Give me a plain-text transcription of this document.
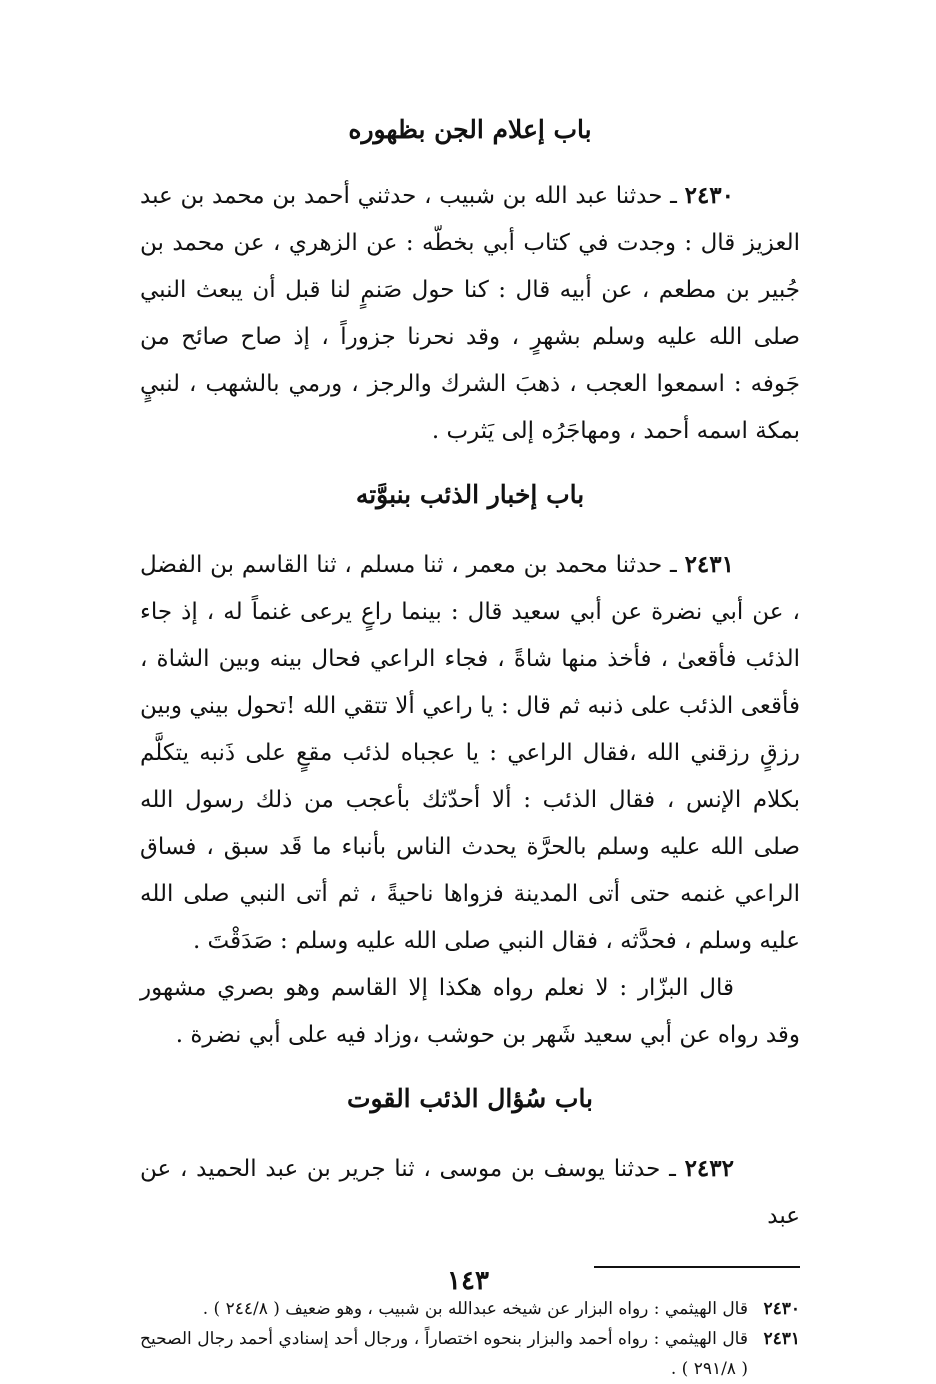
باب إعلام الجن بظهوره

٢٤٣٠ ـ حدثنا عبد الله بن شبيب ، حدثني أحمد بن محمد بن عبد العزيز قال : وجدت في كتاب أبي بخطّه : عن الزهري ، عن محمد بن جُبير بن مطعم ، عن أبيه قال : كنا حول صَنمٍ لنا قبل أن يبعث النبي صلى الله عليه وسلم بشهرٍ ، وقد نحرنا جزوراً ، إذ صاح صائح من جَوفه : اسمعوا العجب ، ذهبَ الشرك والرجز ، ورمي بالشهب ، لنبيٍ بمكة اسمه أحمد ، ومهاجَرُه إلى يَثرب .

باب إخبار الذئب بنبوَّته

٢٤٣١ ـ حدثنا محمد بن معمر ، ثنا مسلم ، ثنا القاسم بن الفضل ، عن أبي نضرة عن أبي سعيد قال : بينما راعٍ يرعى غنماً له ، إذ جاء الذئب فأقعىٰ ، فأخذ منها شاةً ، فجاء الراعي فحال بينه وبين الشاة ، فأقعى الذئب على ذنبه ثم قال : يا راعي ألا تتقي الله !تحول بيني وبين رزقٍ رزقني الله ،فقال الراعي : يا عجباه لذئب مقعٍ على ذَنبه يتكلَّم بكلام الإنس ، فقال الذئب : ألا أحدّثك بأعجب من ذلك رسول الله صلى الله عليه وسلم بالحرَّة يحدث الناس بأنباء ما قَد سبق ، فساق الراعي غنمه حتى أتى المدينة فزواها ناحيةً ، ثم أتى النبي صلى الله عليه وسلم ، فحدَّثه ، فقال النبي صلى الله عليه وسلم : صَدَقْتَ .

قال البزّار : لا نعلم رواه هكذا إلا القاسم وهو بصري مشهور وقد رواه عن أبي سعيد شَهر بن حوشب ،وزاد فيه على أبي نضرة .

باب سُؤال الذئب القوت

٢٤٣٢ ـ حدثنا يوسف بن موسى ، ثنا جرير بن عبد الحميد ، عن عبد

٢٤٣٠
قال الهيثمي : رواه البزار عن شيخه عبدالله بن شبيب ، وهو ضعيف ( ٢٤٤/٨ ) .
٢٤٣١
قال الهيثمي : رواه أحمد والبزار بنحوه اختصاراً ، ورجال أحد إسنادي أحمد رجال الصحيح ( ٢٩١/٨ ) .
١٤٣
